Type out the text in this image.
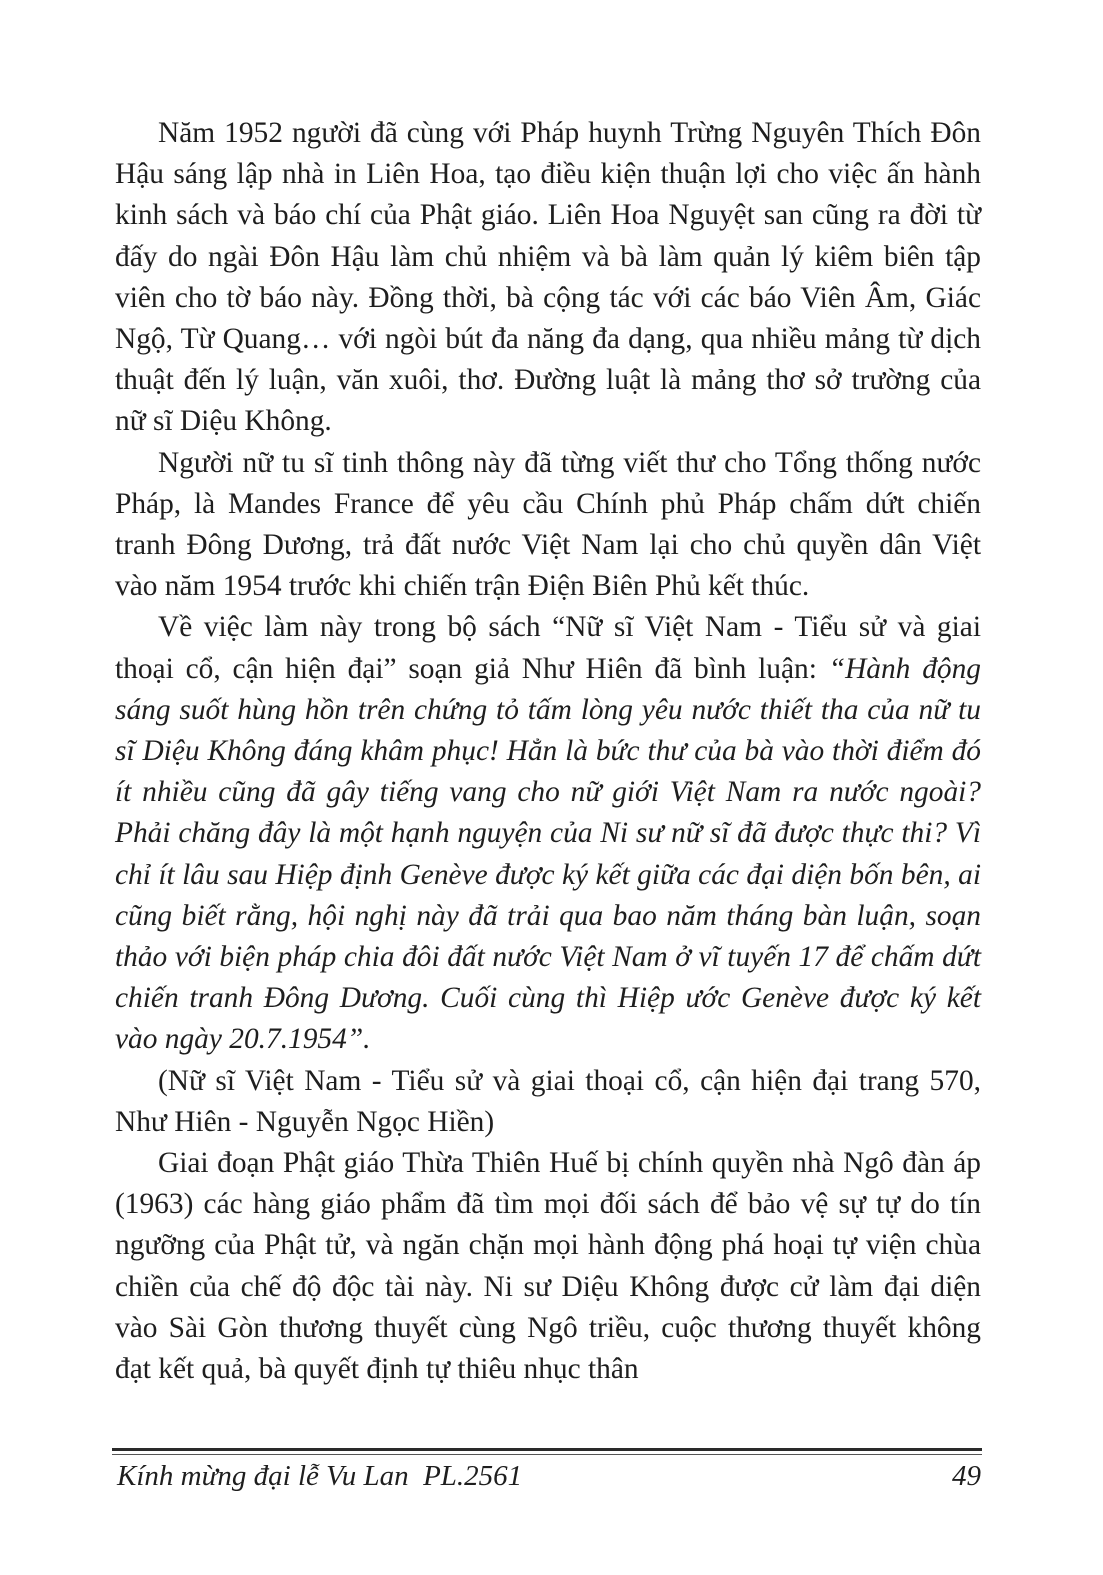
Năm 1952 người đã cùng với Pháp huynh Trừng Nguyên Thích Đôn Hậu sáng lập nhà in Liên Hoa, tạo điều kiện thuận lợi cho việc ấn hành kinh sách và báo chí của Phật giáo. Liên Hoa Nguyệt san cũng ra đời từ đấy do ngài Đôn Hậu làm chủ nhiệm và bà làm quản lý kiêm biên tập viên cho tờ báo này. Đồng thời, bà cộng tác với các báo Viên Âm, Giác Ngộ, Từ Quang… với ngòi bút đa năng đa dạng, qua nhiều mảng từ dịch thuật đến lý luận, văn xuôi, thơ. Đường luật là mảng thơ sở trường của nữ sĩ Diệu Không.

Người nữ tu sĩ tinh thông này đã từng viết thư cho Tổng thống nước Pháp, là Mandes France để yêu cầu Chính phủ Pháp chấm dứt chiến tranh Đông Dương, trả đất nước Việt Nam lại cho chủ quyền dân Việt vào năm 1954 trước khi chiến trận Điện Biên Phủ kết thúc.

Về việc làm này trong bộ sách “Nữ sĩ Việt Nam - Tiểu sử và giai thoại cổ, cận hiện đại” soạn giả Như Hiên đã bình luận: “Hành động sáng suốt hùng hồn trên chứng tỏ tấm lòng yêu nước thiết tha của nữ tu sĩ Diệu Không đáng khâm phục! Hẳn là bức thư của bà vào thời điểm đó ít nhiều cũng đã gây tiếng vang cho nữ giới Việt Nam ra nước ngoài? Phải chăng đây là một hạnh nguyện của Ni sư nữ sĩ đã được thực thi? Vì chỉ ít lâu sau Hiệp định Genève được ký kết giữa các đại diện bốn bên, ai cũng biết rằng, hội nghị này đã trải qua bao năm tháng bàn luận, soạn thảo với biện pháp chia đôi đất nước Việt Nam ở vĩ tuyến 17 để chấm dứt chiến tranh Đông Dương. Cuối cùng thì Hiệp ước Genève được ký kết vào ngày 20.7.1954”.

(Nữ sĩ Việt Nam - Tiểu sử và giai thoại cổ, cận hiện đại trang 570, Như Hiên - Nguyễn Ngọc Hiền)

Giai đoạn Phật giáo Thừa Thiên Huế bị chính quyền nhà Ngô đàn áp (1963) các hàng giáo phẩm đã tìm mọi đối sách để bảo vệ sự tự do tín ngưỡng của Phật tử, và ngăn chặn mọi hành động phá hoại tự viện chùa chiền của chế độ độc tài này. Ni sư Diệu Không được cử làm đại diện vào Sài Gòn thương thuyết cùng Ngô triều, cuộc thương thuyết không đạt kết quả, bà quyết định tự thiêu nhục thân

Kính mừng đại lễ Vu Lan  PL.2561	49
